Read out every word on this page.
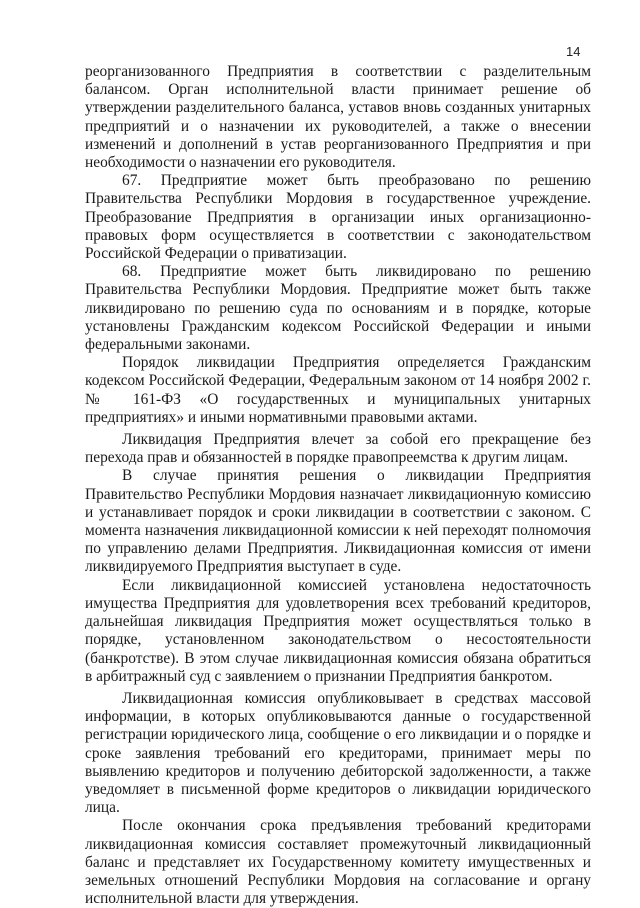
14

реорганизованного Предприятия в соответствии с разделительным балансом. Орган исполнительной власти принимает решение об утверждении разделительного баланса, уставов вновь созданных унитарных предприятий и о назначении их руководителей, а также о внесении изменений и дополнений в устав реорганизованного Предприятия и при необходимости о назначении его руководителя.

67. Предприятие может быть преобразовано по решению Правительства Республики Мордовия в государственное учреждение. Преобразование Предприятия в организации иных организационно-правовых форм осуществляется в соответствии с законодательством Российской Федерации о приватизации.

68. Предприятие может быть ликвидировано по решению Правительства Республики Мордовия. Предприятие может быть также ликвидировано по решению суда по основаниям и в порядке, которые установлены Гражданским кодексом Российской Федерации и иными федеральными законами.

Порядок ликвидации Предприятия определяется Гражданским кодексом Российской Федерации, Федеральным законом от 14 ноября 2002 г. № 161-ФЗ «О государственных и муниципальных унитарных предприятиях» и иными нормативными правовыми актами.

Ликвидация Предприятия влечет за собой его прекращение без перехода прав и обязанностей в порядке правопреемства к другим лицам.

В случае принятия решения о ликвидации Предприятия Правительство Республики Мордовия назначает ликвидационную комиссию и устанавливает порядок и сроки ликвидации в соответствии с законом. С момента назначения ликвидационной комиссии к ней переходят полномочия по управлению делами Предприятия. Ликвидационная комиссия от имени ликвидируемого Предприятия выступает в суде.

Если ликвидационной комиссией установлена недостаточность имущества Предприятия для удовлетворения всех требований кредиторов, дальнейшая ликвидация Предприятия может осуществляться только в порядке, установленном законодательством о несостоятельности (банкротстве). В этом случае ликвидационная комиссия обязана обратиться в арбитражный суд с заявлением о признании Предприятия банкротом.

Ликвидационная комиссия опубликовывает в средствах массовой информации, в которых опубликовываются данные о государственной регистрации юридического лица, сообщение о его ликвидации и о порядке и сроке заявления требований его кредиторами, принимает меры по выявлению кредиторов и получению дебиторской задолженности, а также уведомляет в письменной форме кредиторов о ликвидации юридического лица.

После окончания срока предъявления требований кредиторами ликвидационная комиссия составляет промежуточный ликвидационный баланс и представляет их Государственному комитету имущественных и земельных отношений Республики Мордовия на согласование и органу исполнительной власти для утверждения.
